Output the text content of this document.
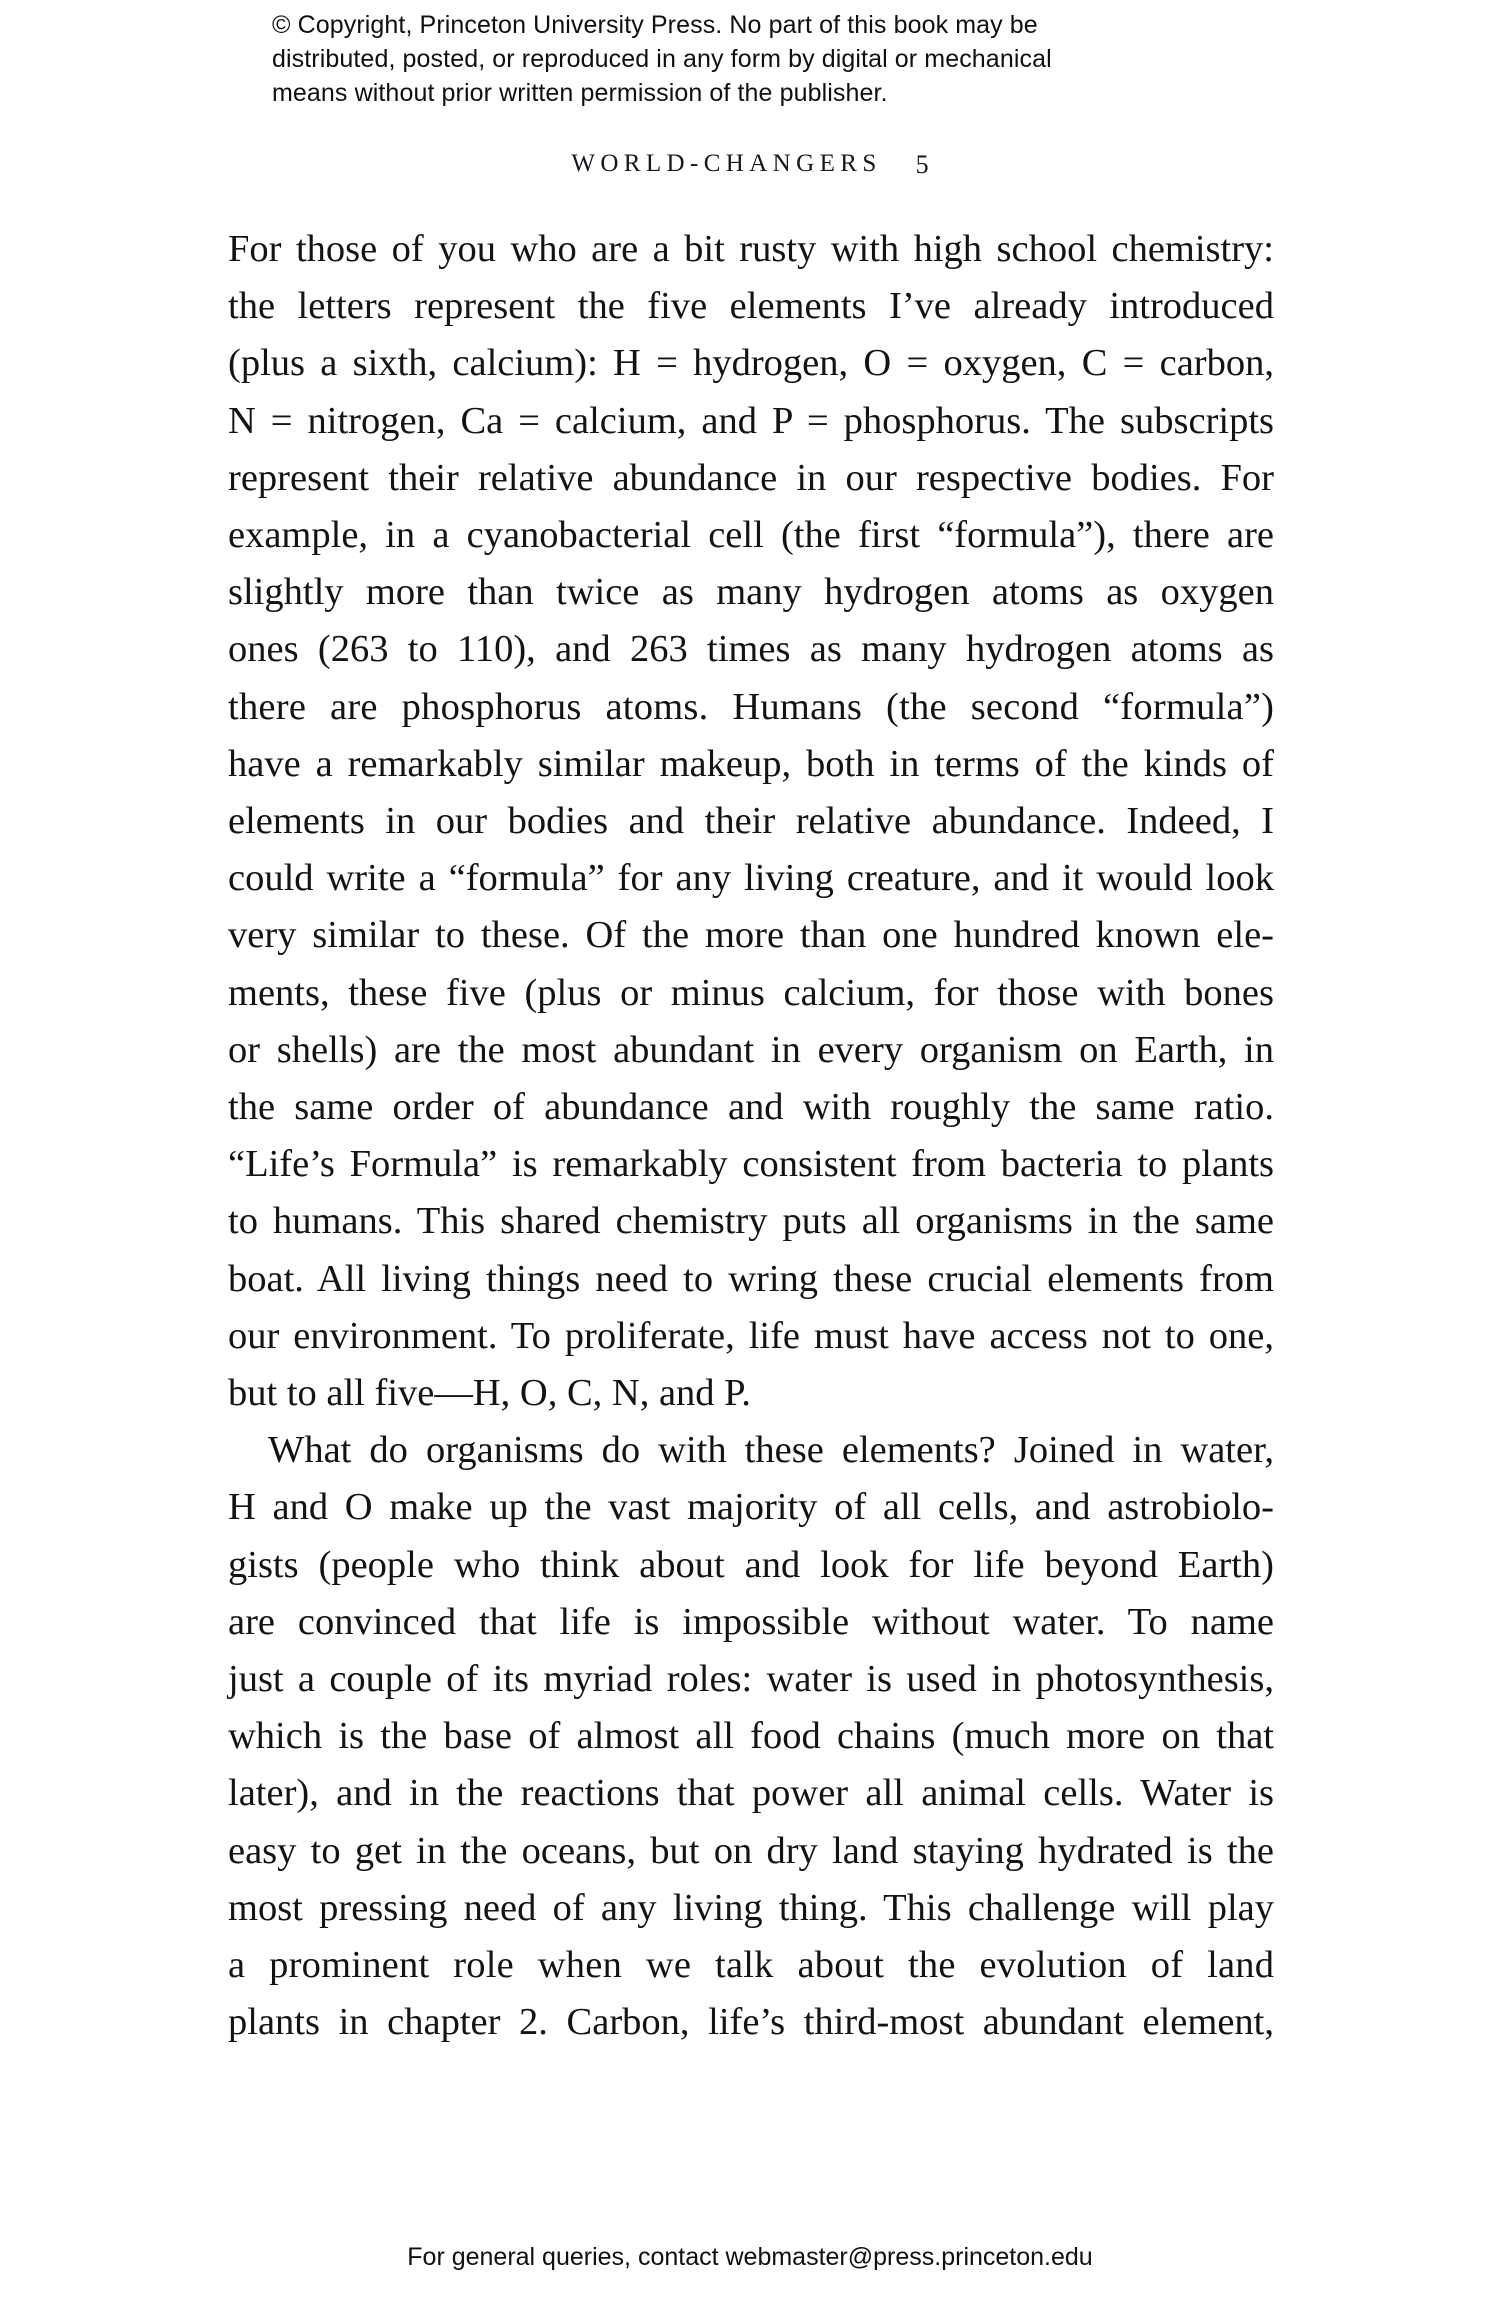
© Copyright, Princeton University Press. No part of this book may be
distributed, posted, or reproduced in any form by digital or mechanical
means without prior written permission of the publisher.
WORLD-CHANGERS 5

For those of you who are a bit rusty with high school chemistry:
the letters represent the five elements I’ve already introduced
(plus a sixth, calcium): H = hydrogen, O = oxygen, C = carbon,
N = nitrogen, Ca = calcium, and P = phosphorus. The subscripts
represent their relative abundance in our respective bodies. For
example, in a cyanobacterial cell (the first “formula”), there are
slightly more than twice as many hydrogen atoms as oxygen
ones (263 to 110), and 263 times as many hydrogen atoms as
there are phosphorus atoms. Humans (the second “formula”)
have a remarkably similar makeup, both in terms of the kinds of
elements in our bodies and their relative abundance. Indeed, I
could write a “formula” for any living creature, and it would look
very similar to these. Of the more than one hundred known ele-
ments, these five (plus or minus calcium, for those with bones
or shells) are the most abundant in every organism on Earth, in
the same order of abundance and with roughly the same ratio.
“Life’s Formula” is remarkably consistent from bacteria to plants
to humans. This shared chemistry puts all organisms in the same
boat. All living things need to wring these crucial elements from
our environment. To proliferate, life must have access not to one,
but to all five—H, O, C, N, and P.

What do organisms do with these elements? Joined in water,
H and O make up the vast majority of all cells, and astrobiolo-
gists (people who think about and look for life beyond Earth)
are convinced that life is impossible without water. To name
just a couple of its myriad roles: water is used in photosynthesis,
which is the base of almost all food chains (much more on that
later), and in the reactions that power all animal cells. Water is
easy to get in the oceans, but on dry land staying hydrated is the
most pressing need of any living thing. This challenge will play
a prominent role when we talk about the evolution of land
plants in chapter 2. Carbon, life’s third-most abundant element,

For general queries, contact webmaster@press.princeton.edu
